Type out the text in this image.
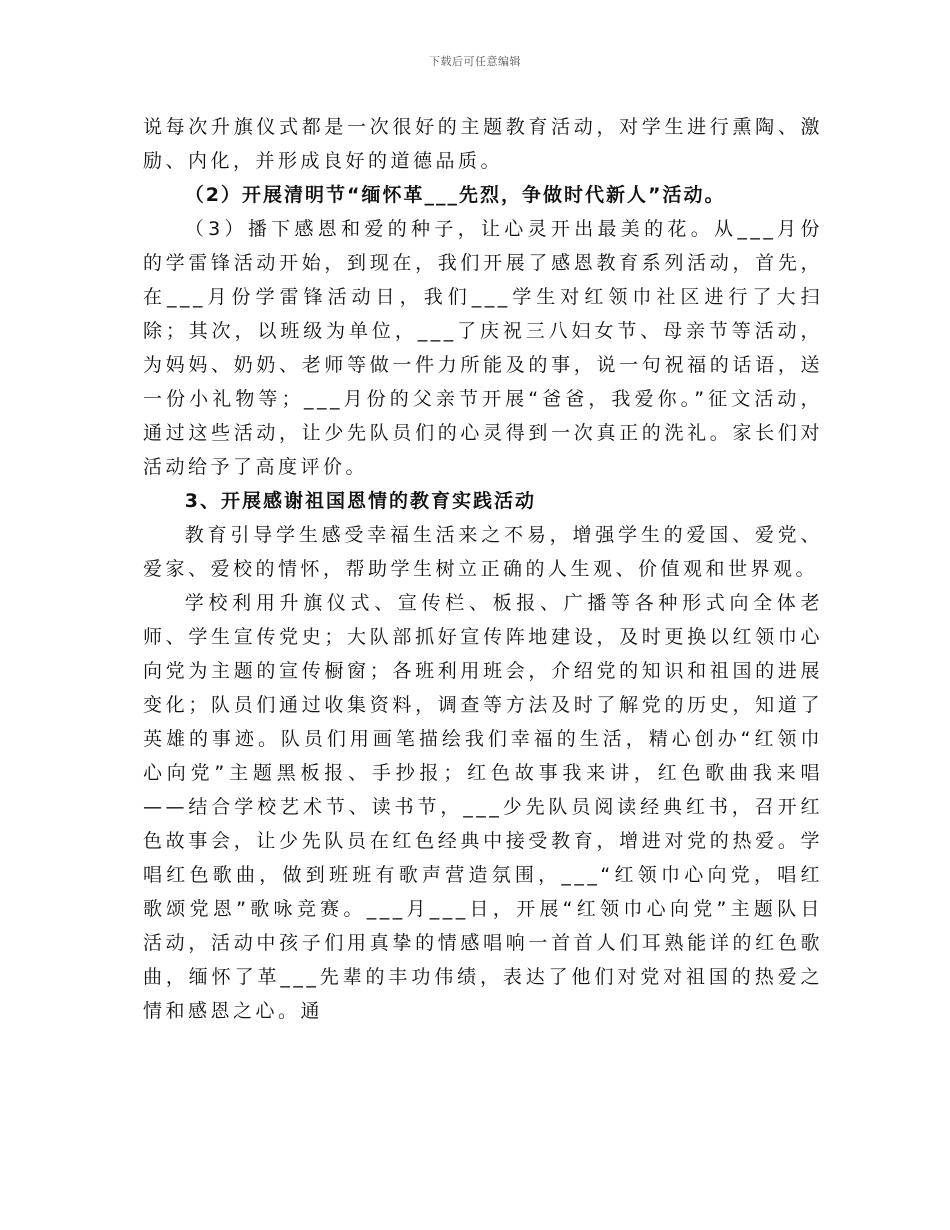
下载后可任意编辑

说每次升旗仪式都是一次很好的主题教育活动，对学生进行熏陶、激励、内化，并形成良好的道德品质。

（2）开展清明节“缅怀革___先烈，争做时代新人”活动。

（3）播下感恩和爱的种子，让心灵开出最美的花。从___月份的学雷锋活动开始，到现在，我们开展了感恩教育系列活动，首先，在___月份学雷锋活动日，我们___学生对红领巾社区进行了大扫除；其次，以班级为单位，___了庆祝三八妇女节、母亲节等活动，为妈妈、奶奶、老师等做一件力所能及的事，说一句祝福的话语，送一份小礼物等；___月份的父亲节开展“爸爸，我爱你。”征文活动，通过这些活动，让少先队员们的心灵得到一次真正的洗礼。家长们对活动给予了高度评价。

3、开展感谢祖国恩情的教育实践活动

教育引导学生感受幸福生活来之不易，增强学生的爱国、爱党、爱家、爱校的情怀，帮助学生树立正确的人生观、价值观和世界观。

学校利用升旗仪式、宣传栏、板报、广播等各种形式向全体老师、学生宣传党史；大队部抓好宣传阵地建设，及时更换以红领巾心向党为主题的宣传橱窗；各班利用班会，介绍党的知识和祖国的进展变化；队员们通过收集资料，调查等方法及时了解党的历史，知道了英雄的事迹。队员们用画笔描绘我们幸福的生活，精心创办“红领巾心向党”主题黑板报、手抄报；红色故事我来讲，红色歌曲我来唱——结合学校艺术节、读书节，___少先队员阅读经典红书，召开红色故事会，让少先队员在红色经典中接受教育，增进对党的热爱。学唱红色歌曲，做到班班有歌声营造氛围，___“红领巾心向党，唱红歌颂党恩”歌咏竞赛。___月___日，开展“红领巾心向党”主题队日活动，活动中孩子们用真挚的情感唱响一首首人们耳熟能详的红色歌曲，缅怀了革___先辈的丰功伟绩，表达了他们对党对祖国的热爱之情和感恩之心。通
